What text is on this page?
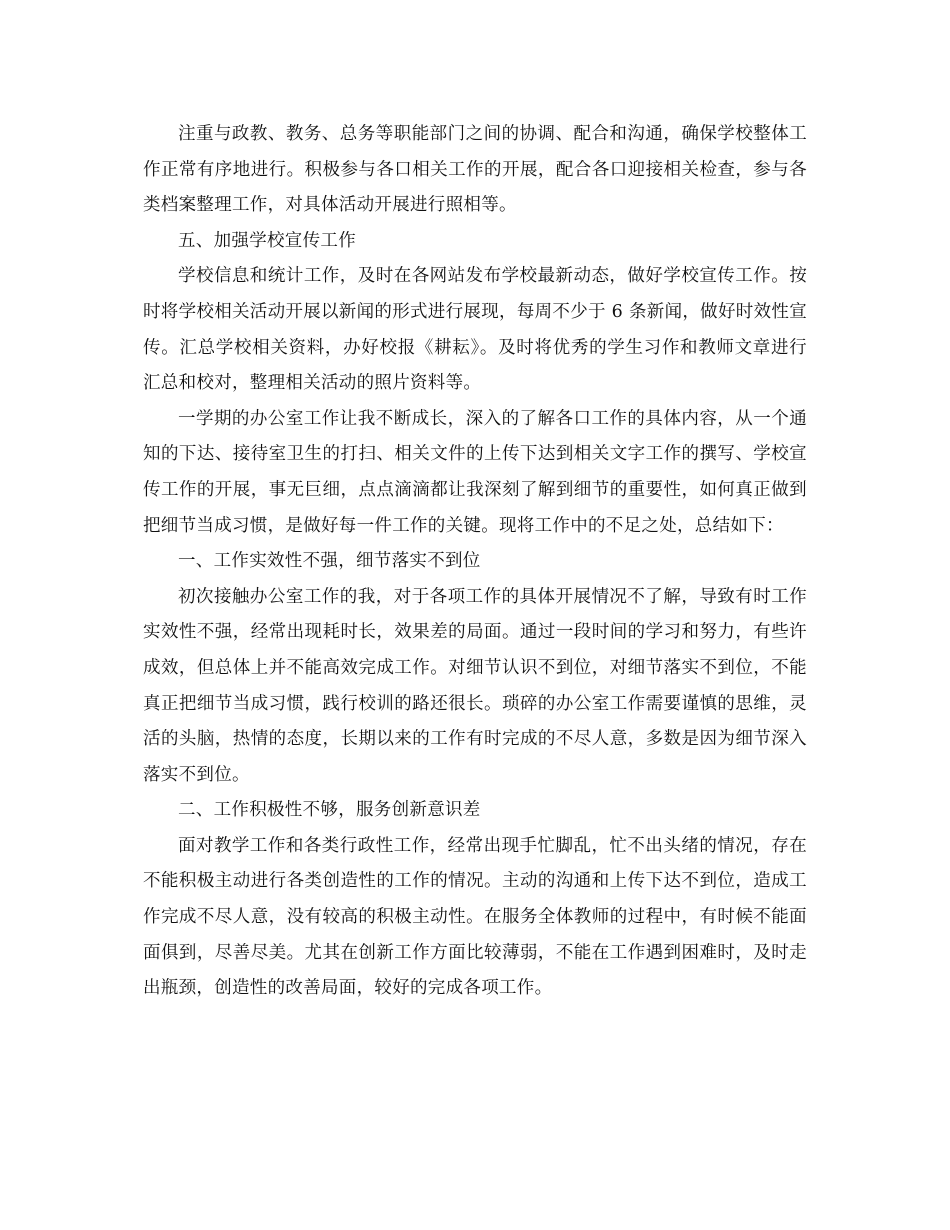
注重与政教、教务、总务等职能部门之间的协调、配合和沟通，确保学校整体工作正常有序地进行。积极参与各口相关工作的开展，配合各口迎接相关检查，参与各类档案整理工作，对具体活动开展进行照相等。

五、加强学校宣传工作

学校信息和统计工作，及时在各网站发布学校最新动态，做好学校宣传工作。按时将学校相关活动开展以新闻的形式进行展现，每周不少于 6 条新闻，做好时效性宣传。汇总学校相关资料，办好校报《耕耘》。及时将优秀的学生习作和教师文章进行汇总和校对，整理相关活动的照片资料等。

一学期的办公室工作让我不断成长，深入的了解各口工作的具体内容，从一个通知的下达、接待室卫生的打扫、相关文件的上传下达到相关文字工作的撰写、学校宣传工作的开展，事无巨细，点点滴滴都让我深刻了解到细节的重要性，如何真正做到把细节当成习惯，是做好每一件工作的关键。现将工作中的不足之处，总结如下：

一、工作实效性不强，细节落实不到位

初次接触办公室工作的我，对于各项工作的具体开展情况不了解，导致有时工作实效性不强，经常出现耗时长，效果差的局面。通过一段时间的学习和努力，有些许成效，但总体上并不能高效完成工作。对细节认识不到位，对细节落实不到位，不能真正把细节当成习惯，践行校训的路还很长。琐碎的办公室工作需要谨慎的思维，灵活的头脑，热情的态度，长期以来的工作有时完成的不尽人意，多数是因为细节深入落实不到位。

二、工作积极性不够，服务创新意识差

面对教学工作和各类行政性工作，经常出现手忙脚乱，忙不出头绪的情况，存在不能积极主动进行各类创造性的工作的情况。主动的沟通和上传下达不到位，造成工作完成不尽人意，没有较高的积极主动性。在服务全体教师的过程中，有时候不能面面俱到，尽善尽美。尤其在创新工作方面比较薄弱，不能在工作遇到困难时，及时走出瓶颈，创造性的改善局面，较好的完成各项工作。
